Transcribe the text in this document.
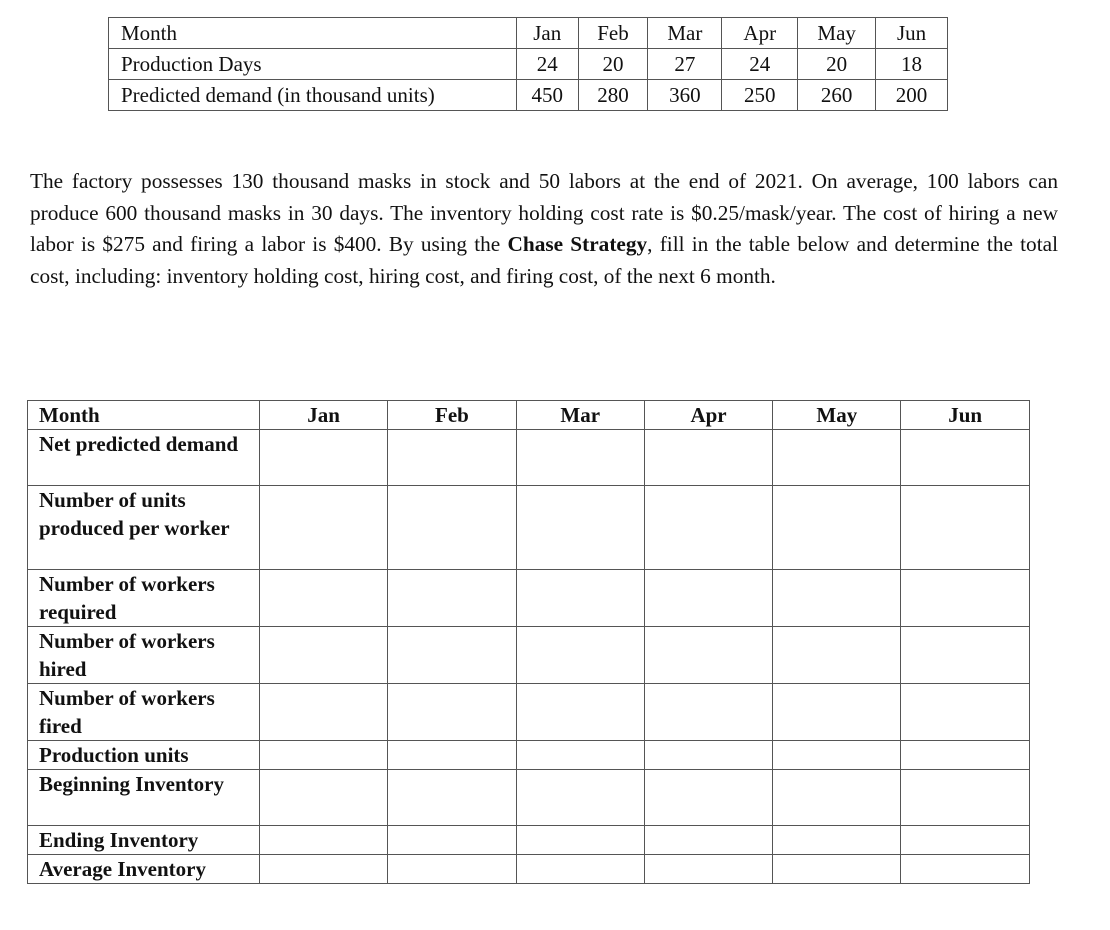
Month	Jan	Feb	Mar	Apr	May	Jun
Production Days	24	20	27	24	20	18
Predicted demand (in thousand units)	450	280	360	250	260	200

The factory possesses 130 thousand masks in stock and 50 labors at the end of 2021. On average, 100 labors can produce 600 thousand masks in 30 days. The inventory holding cost rate is $0.25/mask/year. The cost of hiring a new labor is $275 and firing a labor is $400. By using the Chase Strategy, fill in the table below and determine the total cost, including: inventory holding cost, hiring cost, and firing cost, of the next 6 month.

Month	Jan	Feb	Mar	Apr	May	Jun
Net predicted demand						
Number of units produced per worker						
Number of workers required						
Number of workers hired						
Number of workers fired						
Production units						
Beginning Inventory						
Ending Inventory						
Average Inventory						
